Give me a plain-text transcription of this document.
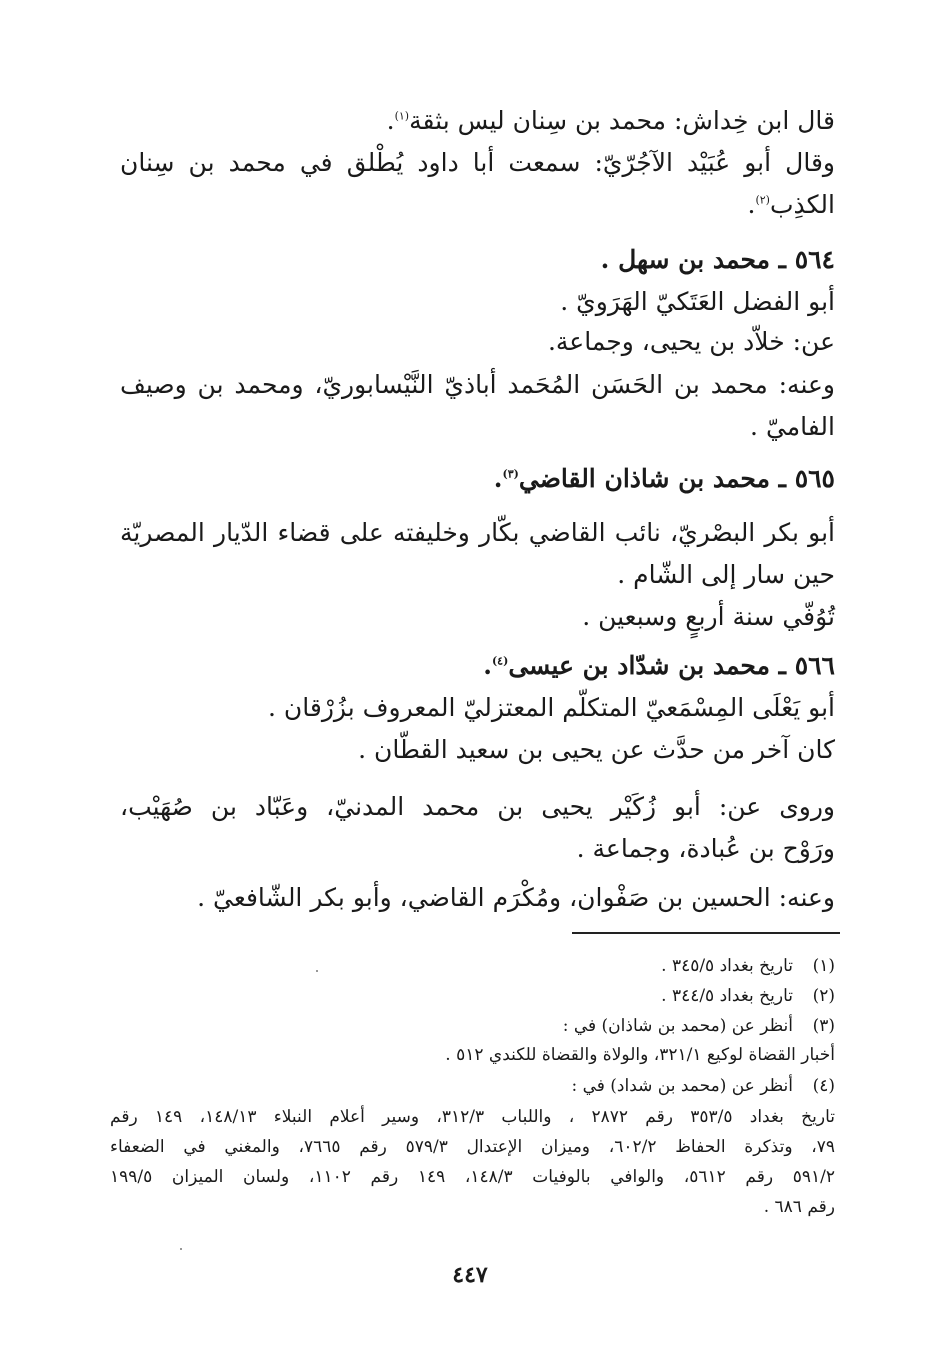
قال ابن خِداش: محمد بن سِنان ليس بثقة$^{(١)}$.
وقال أبو عُبَيْد الآجُرّيّ: سمعت أبا داود يُطْلق في محمد بن سِنان
الكذِب$^{(٢)}$.
٥٦٤ ـ محمد بن سهل .
أبو الفضل العَتَكيّ الهَرَويّ .
عن: خلاّد بن يحيى، وجماعة.
وعنه: محمد بن الحَسَن المُحَمد أباذيّ النَّيْسابوريّ، ومحمد بن وصيف
الفاميّ .
٥٦٥ ـ محمد بن شاذان القاضي$^{(٣)}$.
أبو بكر البصْريّ، نائب القاضي بكّار وخليفته على قضاء الدّيار المصريّة
حين سار إلى الشّام .
تُوُفّي سنة أربعٍ وسبعين .
٥٦٦ ـ محمد بن شدّاد بن عيسى$^{(٤)}$.
أبو يَعْلَى المِسْمَعيّ المتكلّم المعتزليّ المعروف بزُرْقان .
كان آخر من حدَّث عن يحيى بن سعيد القطّان .
وروى عن: أبو زُكَيْر يحيى بن محمد المدنيّ، وعَبّاد بن صُهَيْب،
ورَوْح بن عُبادة، وجماعة .
وعنه: الحسين بن صَفْوان، ومُكْرَم القاضي، وأبو بكر الشّافعيّ .
(١)تاريخ بغداد ٣٤٥/٥ .
(٢)تاريخ بغداد ٣٤٤/٥ .
(٣)أنظر عن (محمد بن شاذان) في :
أخبار القضاة لوكيع ٣٢١/١، والولاة والقضاة للكندي ٥١٢ .
(٤)أنظر عن (محمد بن شداد) في :
تاريخ بغداد ٣٥٣/٥ رقم ٢٨٧٢ ، واللباب ٣١٢/٣، وسير أعلام النبلاء ١٤٨/١٣، ١٤٩ رقم
٧٩، وتذكرة الحفاظ ٦٠٢/٢، وميزان الإعتدال ٥٧٩/٣ رقم ٧٦٦٥، والمغني في الضعفاء
٥٩١/٢ رقم ٥٦١٢، والوافي بالوفيات ١٤٨/٣، ١٤٩ رقم ١١٠٢، ولسان الميزان ١٩٩/٥
رقم ٦٨٦ .
٤٤٧
